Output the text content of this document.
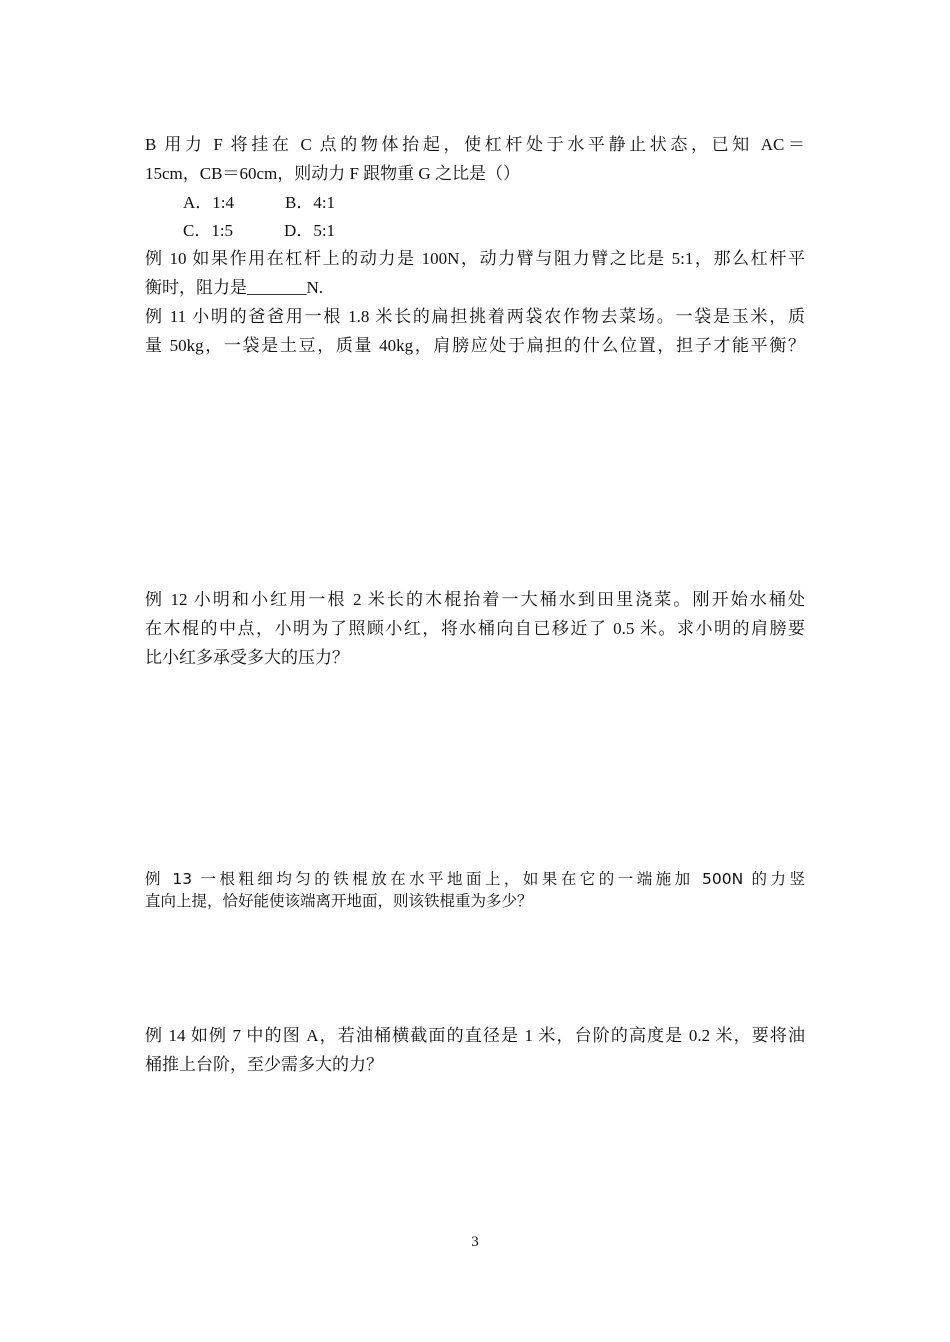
B 用力 F 将挂在 C 点的物体抬起，使杠杆处于水平静止状态，已知 AC＝
15cm，CB＝60cm，则动力 F 跟物重 G 之比是（）
A．1:4　　　B．4:1
C．1:5　　　D．5:1
例 10 如果作用在杠杆上的动力是 100N，动力臂与阻力臂之比是 5:1，那么杠杆平
衡时，阻力是_______N.
例 11 小明的爸爸用一根 1.8 米长的扁担挑着两袋农作物去菜场。一袋是玉米，质
量 50kg，一袋是土豆，质量 40kg，肩膀应处于扁担的什么位置，担子才能平衡？
例 12 小明和小红用一根 2 米长的木棍抬着一大桶水到田里浇菜。刚开始水桶处
在木棍的中点，小明为了照顾小红，将水桶向自已移近了 0.5 米。求小明的肩膀要
比小红多承受多大的压力？
例 13 一根粗细均匀的铁棍放在水平地面上，如果在它的一端施加 500N 的力竖
直向上提，恰好能使该端离开地面，则该铁棍重为多少？
例 14 如例 7 中的图 A，若油桶横截面的直径是 1 米，台阶的高度是 0.2 米，要将油
桶推上台阶，至少需多大的力？
3
